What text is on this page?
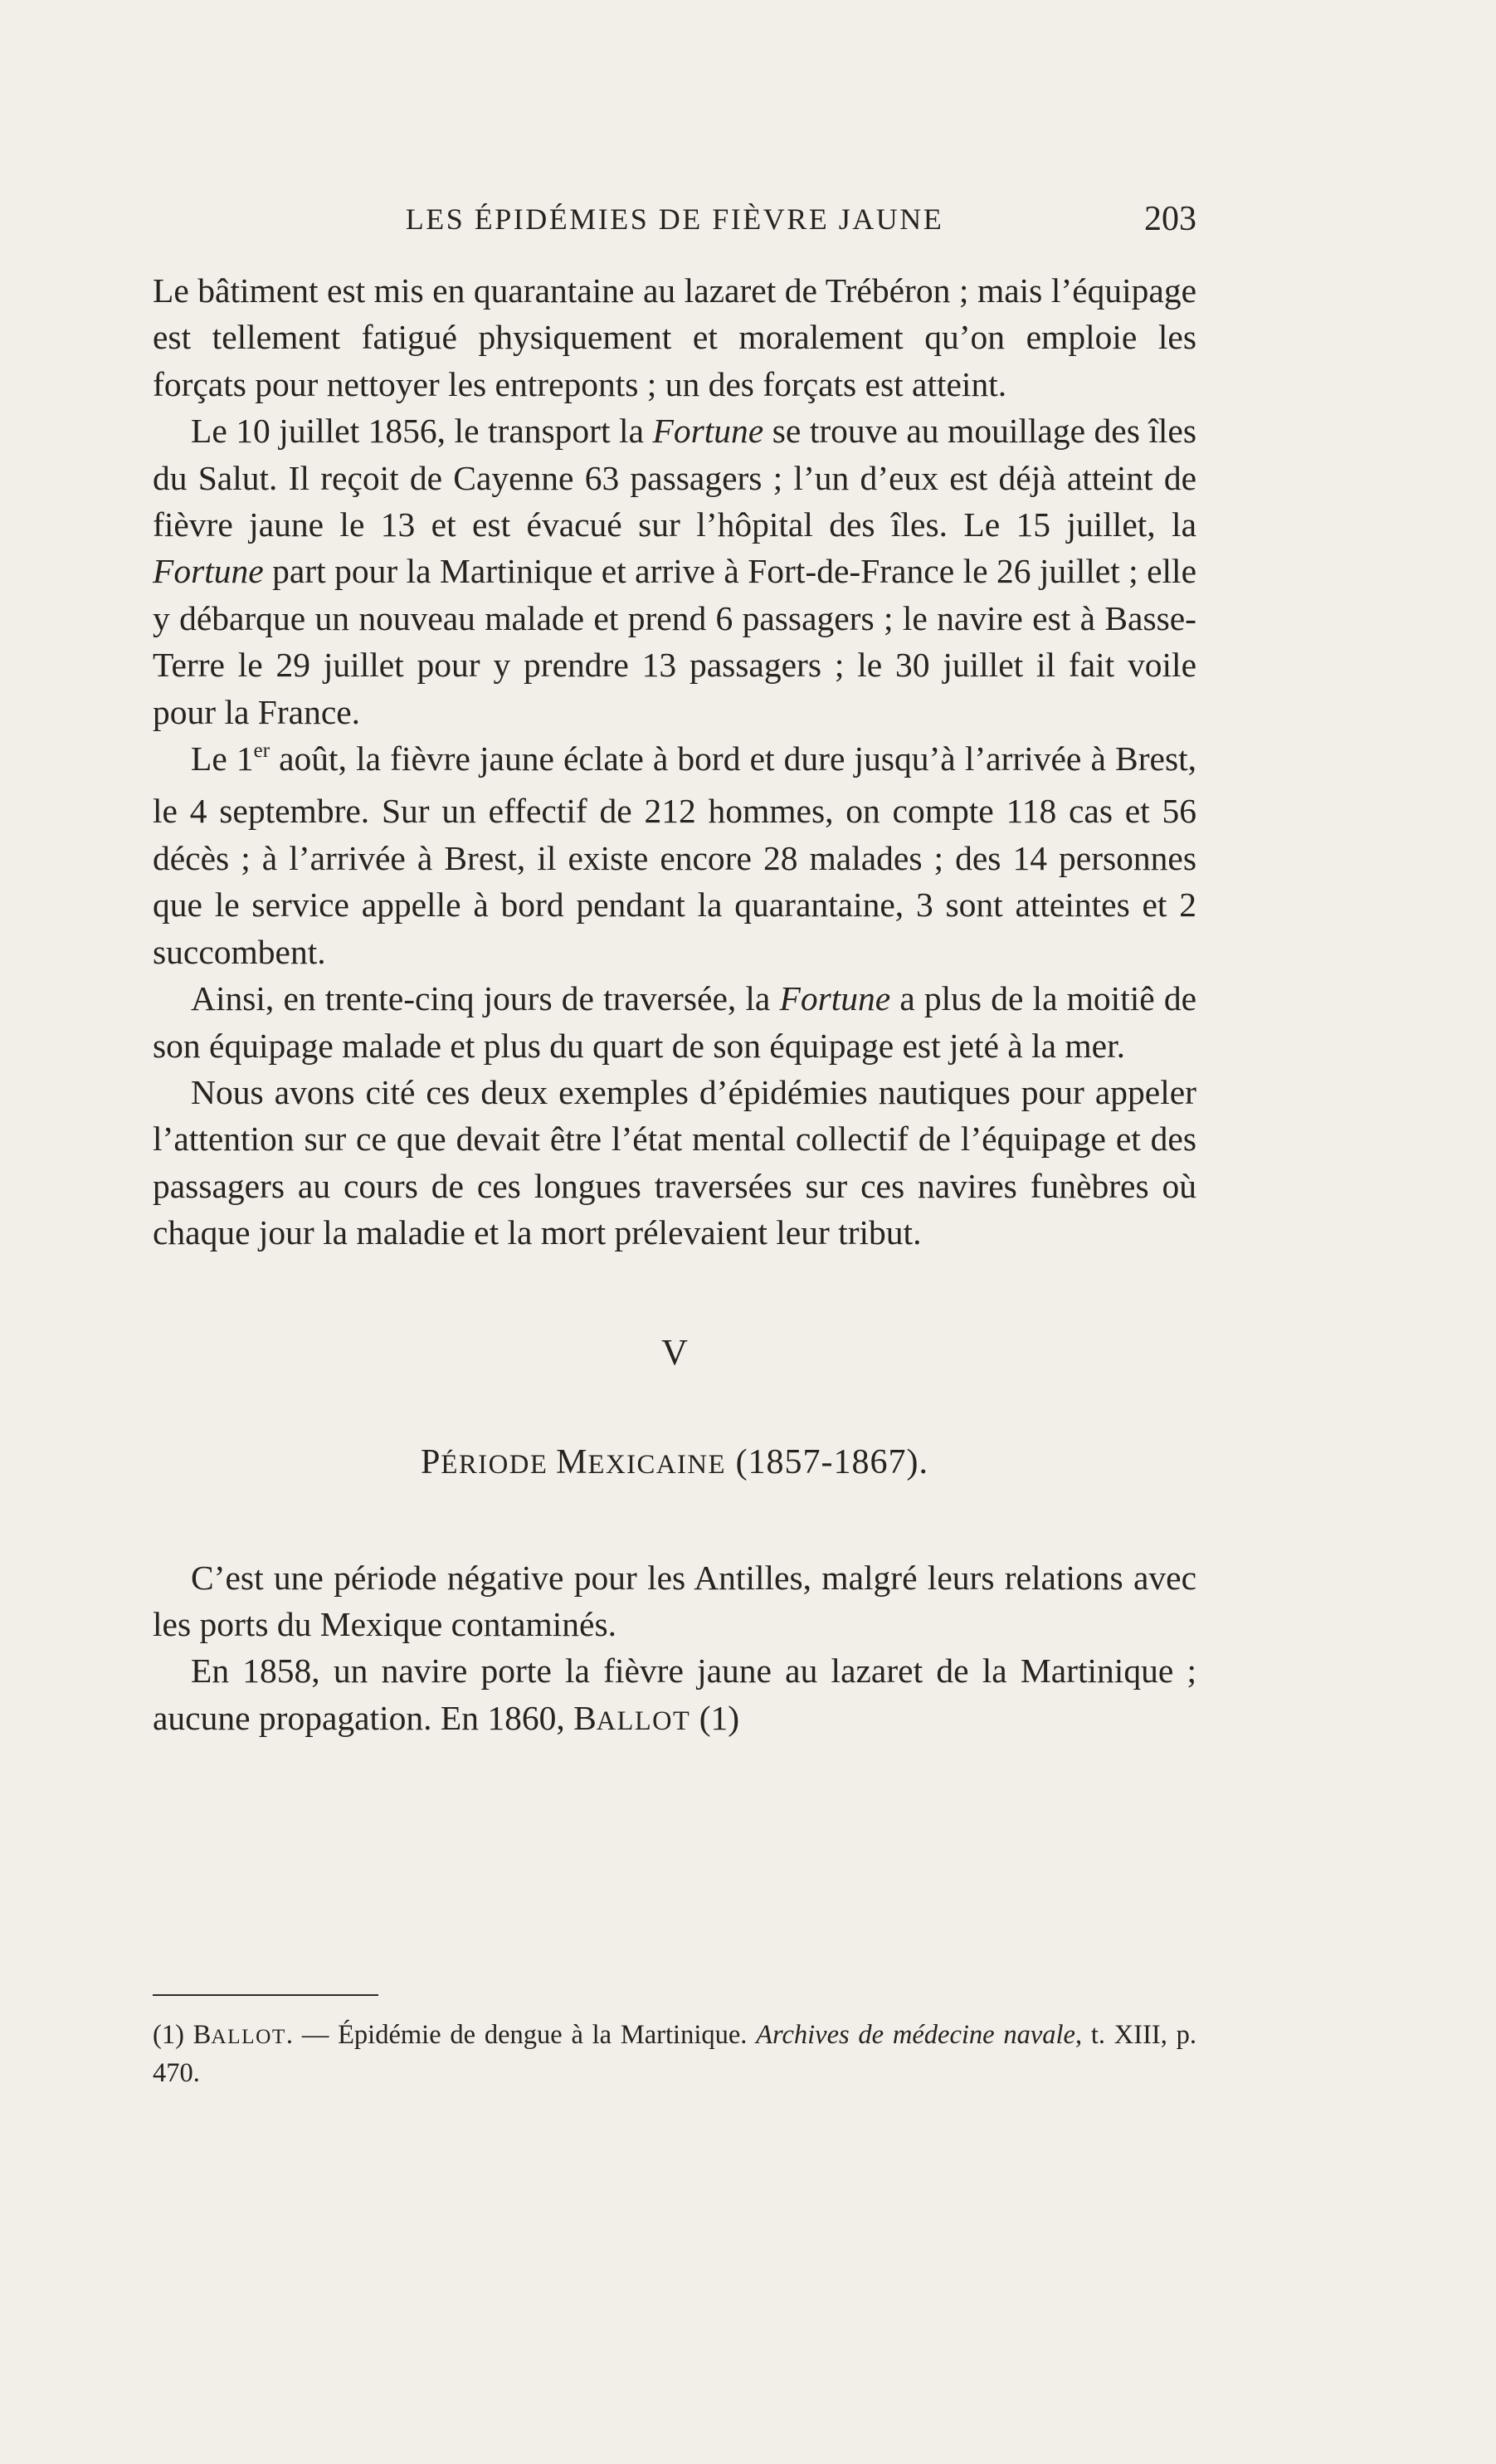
LES ÉPIDÉMIES DE FIÈVRE JAUNE	203

Le bâtiment est mis en quarantaine au lazaret de Trébéron ; mais l’équipage est tellement fatigué physiquement et moralement qu’on emploie les forçats pour nettoyer les entreponts ; un des forçats est atteint.

Le 10 juillet 1856, le transport la Fortune se trouve au mouillage des îles du Salut. Il reçoit de Cayenne 63 passagers ; l’un d’eux est déjà atteint de fièvre jaune le 13 et est évacué sur l’hôpital des îles. Le 15 juillet, la Fortune part pour la Martinique et arrive à Fort-de-France le 26 juillet ; elle y débarque un nouveau malade et prend 6 passagers ; le navire est à Basse-Terre le 29 juillet pour y prendre 13 passagers ; le 30 juillet il fait voile pour la France.

Le 1er août, la fièvre jaune éclate à bord et dure jusqu’à l’arrivée à Brest, le 4 septembre. Sur un effectif de 212 hommes, on compte 118 cas et 56 décès ; à l’arrivée à Brest, il existe encore 28 malades ; des 14 personnes que le service appelle à bord pendant la quarantaine, 3 sont atteintes et 2 succombent.

Ainsi, en trente-cinq jours de traversée, la Fortune a plus de la moitiê de son équipage malade et plus du quart de son équipage est jeté à la mer.

Nous avons cité ces deux exemples d’épidémies nautiques pour appeler l’attention sur ce que devait être l’état mental collectif de l’équipage et des passagers au cours de ces longues traversées sur ces navires funèbres où chaque jour la maladie et la mort prélevaient leur tribut.

V
PÉRIODE MEXICAINE (1857-1867).

C’est une période négative pour les Antilles, malgré leurs relations avec les ports du Mexique contaminés.

En 1858, un navire porte la fièvre jaune au lazaret de la Martinique ; aucune propagation. En 1860, BALLOT (1)

(1) BALLOT. — Épidémie de dengue à la Martinique. Archives de médecine navale, t. XIII, p. 470.
